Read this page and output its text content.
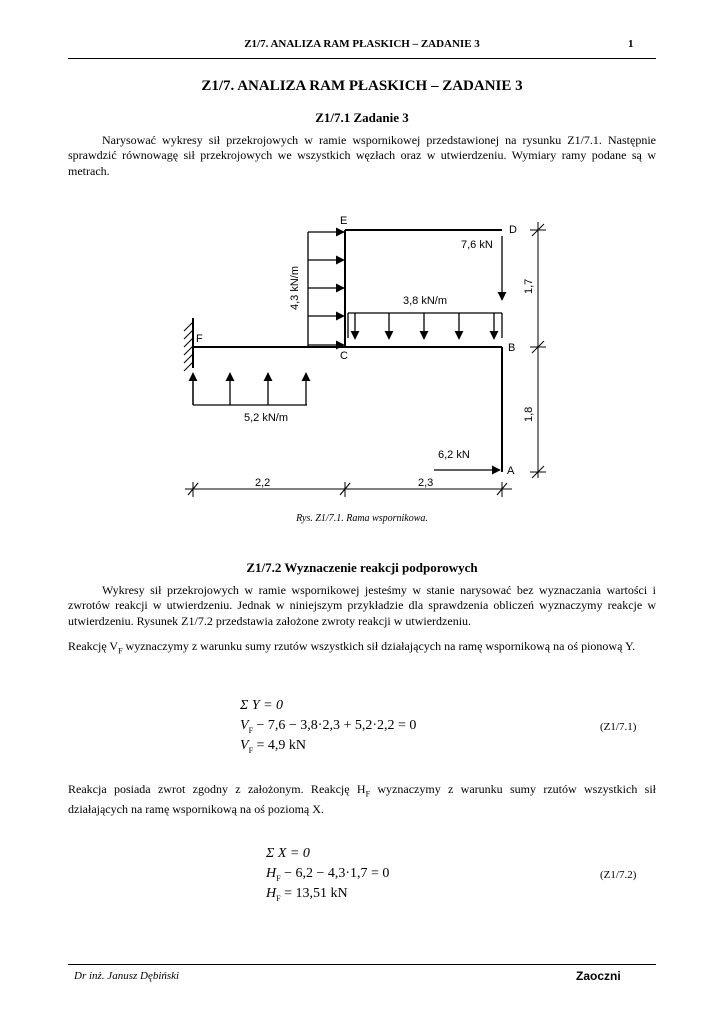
Z1/7. ANALIZA RAM PŁASKICH – ZADANIE 3	1
Z1/7. ANALIZA RAM PŁASKICH – ZADANIE 3
Z1/7.1 Zadanie 3

Narysować wykresy sił przekrojowych w ramie wspornikowej przedstawionej na rysunku Z1/7.1. Następnie sprawdzić równowagę sił przekrojowych we wszystkich węzłach oraz w utwierdzeniu. Wymiary ramy podane są w metrach.

E
D
F
C
B
A
4,3 kN/m
7,6 kN
3,8 kN/m
5,2 kN/m
6,2 kN
1,7
1,8
2,2	2,3
Rys. Z1/7.1. Rama wspornikowa.
Z1/7.2 Wyznaczenie reakcji podporowych

Wykresy sił przekrojowych w ramie wspornikowej jesteśmy w stanie narysować bez wyznaczania wartości i zwrotów reakcji w utwierdzeniu. Jednak w niniejszym przykładzie dla sprawdzenia obliczeń wyznaczymy reakcje w utwierdzeniu. Rysunek Z1/7.2 przedstawia założone zwroty reakcji w utwierdzeniu.

Reakcję $V_F$ wyznaczymy z warunku sumy rzutów wszystkich sił działających na ramę wspornikową na oś pionową Y.

Σ Y = 0
$V_F - 7,6 - 3,8\cdot 2,3 + 5,2\cdot 2,2 = 0$
$V_F = 4,9$ kN
(Z1/7.1)

Reakcja posiada zwrot zgodny z założonym. Reakcję $H_F$ wyznaczymy z warunku sumy rzutów wszystkich sił działających na ramę wspornikową na oś poziomą X.

Σ X = 0
$H_F - 6,2 - 4,3\cdot 1,7 = 0$
$H_F = 13,51$ kN
(Z1/7.2)
Dr inż. Janusz Dębiński	Zaoczni
